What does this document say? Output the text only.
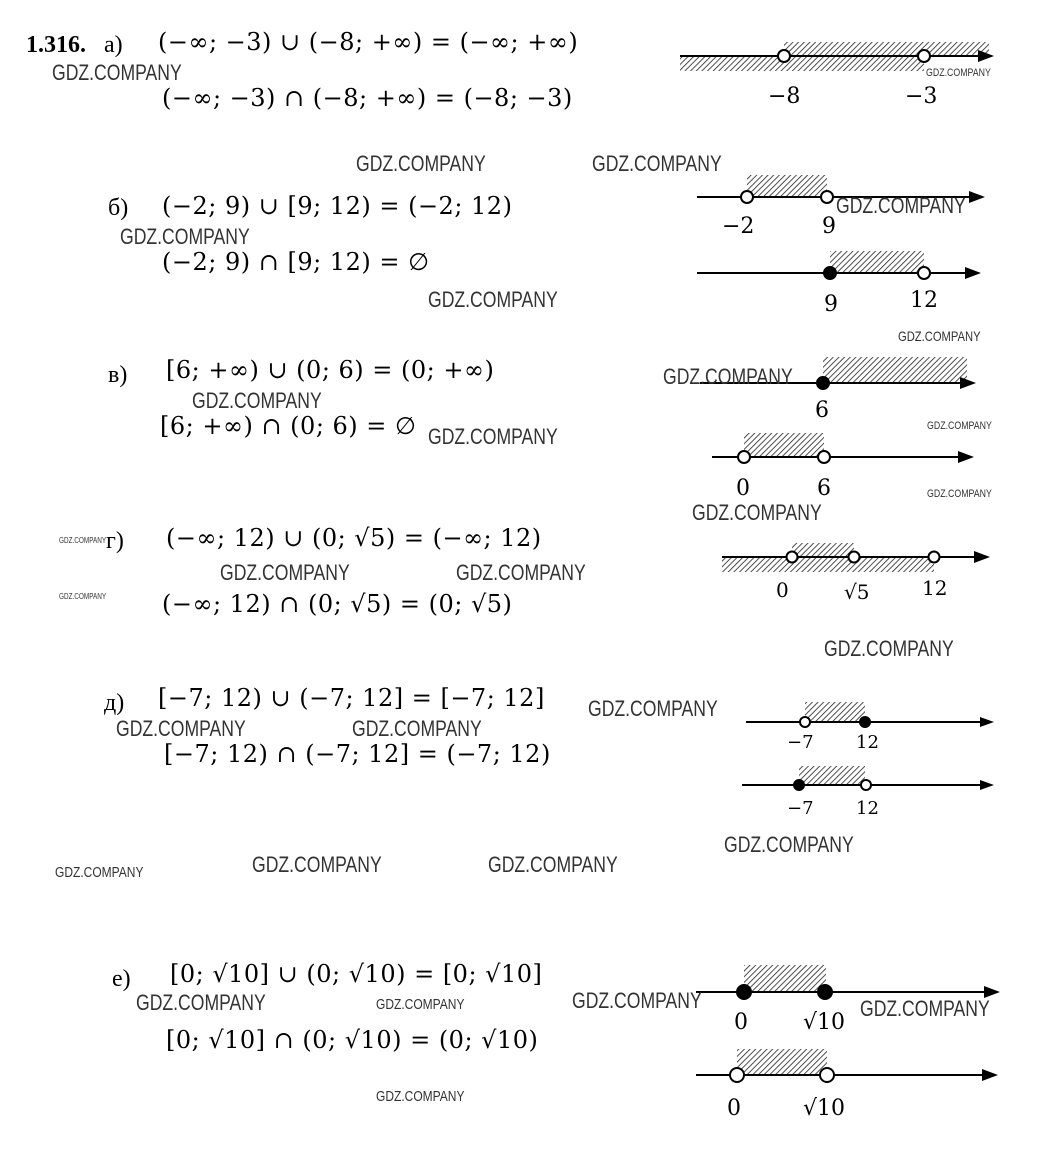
1.316. а) (−∞; −3) ∪ (−8; +∞) = (−∞; +∞)
(−∞; −3) ∩ (−8; +∞) = (−8; −3)	−8	−3
б) (−2; 9) ∪ [9; 12) = (−2; 12)
(−2; 9) ∩ [9; 12) = ∅
−2	9
9	12
в) [6; +∞) ∪ (0; 6) = (0; +∞)
[6; +∞) ∩ (0; 6) = ∅
6
0	6
г) (−∞; 12) ∪ (0; √5) = (−∞; 12)
(−∞; 12) ∩ (0; √5) = (0; √5)	0	√5	12
д) [−7; 12) ∪ (−7; 12] = [−7; 12]
[−7; 12) ∩ (−7; 12] = (−7; 12)	−7 12
−7 12
е) [0; √10] ∪ (0; √10) = [0; √10]
[0; √10] ∩ (0; √10) = (0; √10)
0	√10
0	√10
GDZ.COMPANY	GDZ.COMPANY
GDZ.COMPANY	GDZ.COMPANY
GDZ.COMPANY
GDZ.COMPANY
GDZ.COMPANY
GDZ.COMPANY
GDZ.COMPANY
GDZ.COMPANY
GDZ.COMPANY
GDZ.COMPANY
GDZ.COMPANY
GDZ.COMPANY
GDZ.COMPANY
GDZ.COMPANY	GDZ.COMPANY
GDZ.COMPANY
GDZ.COMPANY
GDZ.COMPANY
GDZ.COMPANY	GDZ.COMPANY
GDZ.COMPANY
GDZ.COMPANY	GDZ.COMPANY
GDZ.COMPANY
GDZ.COMPANY
GDZ.COMPANY	GDZ.COMPANY	GDZ.COMPANY
GDZ.COMPANY
